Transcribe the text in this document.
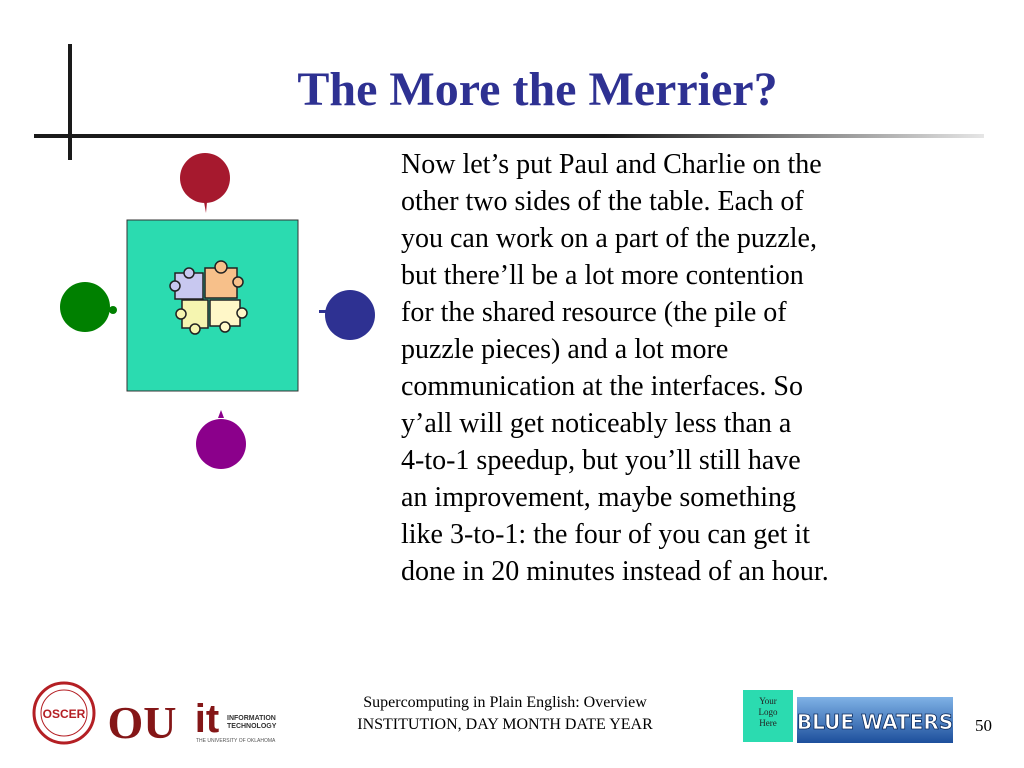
The More the Merrier?

Now let’s put Paul and Charlie on the
other two sides of the table. Each of
you can work on a part of the puzzle,
but there’ll be a lot more contention
for the shared resource (the pile of
puzzle pieces) and a lot more
communication at the interfaces. So
y’all will get noticeably less than a
4-to-1 speedup, but you’ll still have
an improvement, maybe something
like 3-to-1: the four of you can get it
done in 20 minutes instead of an hour.

OSCER OU it INFORMATION
TECHNOLOGY
THE UNIVERSITY OF OKLAHOMA
Supercomputing in Plain English: Overview
INSTITUTION, DAY MONTH DATE YEAR
Your
Logo
Here	BLUE WATERS	50
